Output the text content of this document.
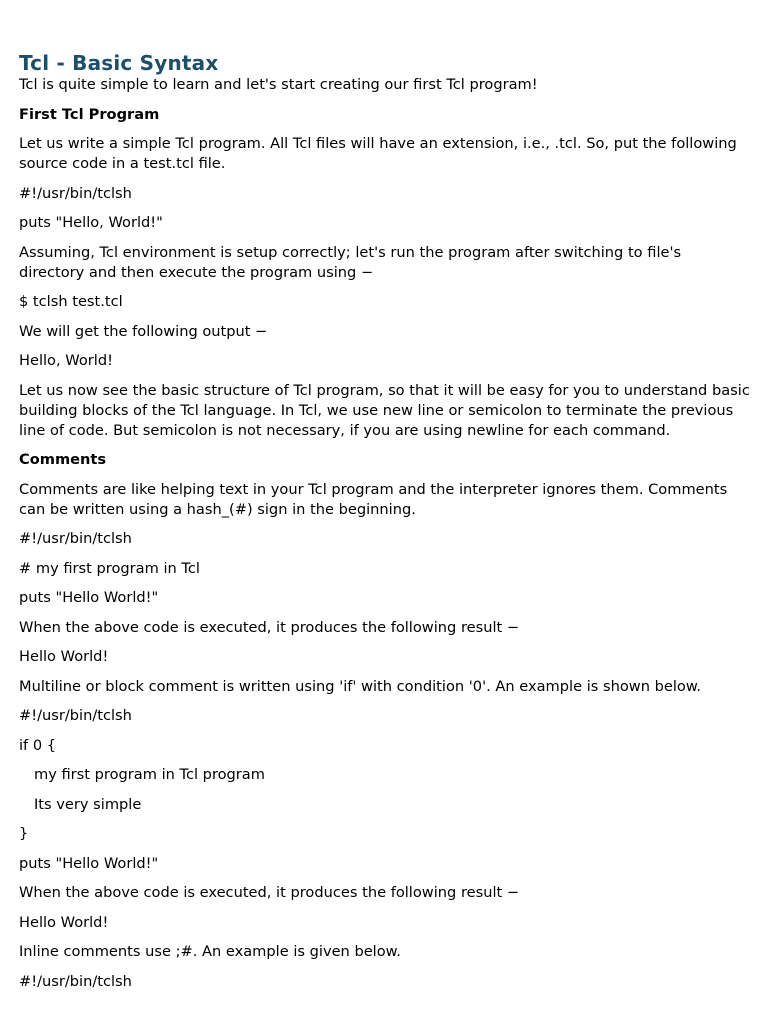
Tcl - Basic Syntax
Tcl is quite simple to learn and let's start creating our first Tcl program!
First Tcl Program
Let us write a simple Tcl program. All Tcl files will have an extension, i.e., .tcl. So, put the following source code in a test.tcl file.
#!/usr/bin/tclsh
puts "Hello, World!"
Assuming, Tcl environment is setup correctly; let's run the program after switching to file's directory and then execute the program using −
$ tclsh test.tcl
We will get the following output −
Hello, World!
Let us now see the basic structure of Tcl program, so that it will be easy for you to understand basic building blocks of the Tcl language. In Tcl, we use new line or semicolon to terminate the previous line of code. But semicolon is not necessary, if you are using newline for each command.
Comments
Comments are like helping text in your Tcl program and the interpreter ignores them. Comments can be written using a hash_(#) sign in the beginning.
#!/usr/bin/tclsh
# my first program in Tcl
puts "Hello World!"
When the above code is executed, it produces the following result −
Hello World!
Multiline or block comment is written using 'if' with condition '0'. An example is shown below.
#!/usr/bin/tclsh
if 0 {
my first program in Tcl program
Its very simple
}
puts "Hello World!"
When the above code is executed, it produces the following result −
Hello World!
Inline comments use ;#. An example is given below.
#!/usr/bin/tclsh
